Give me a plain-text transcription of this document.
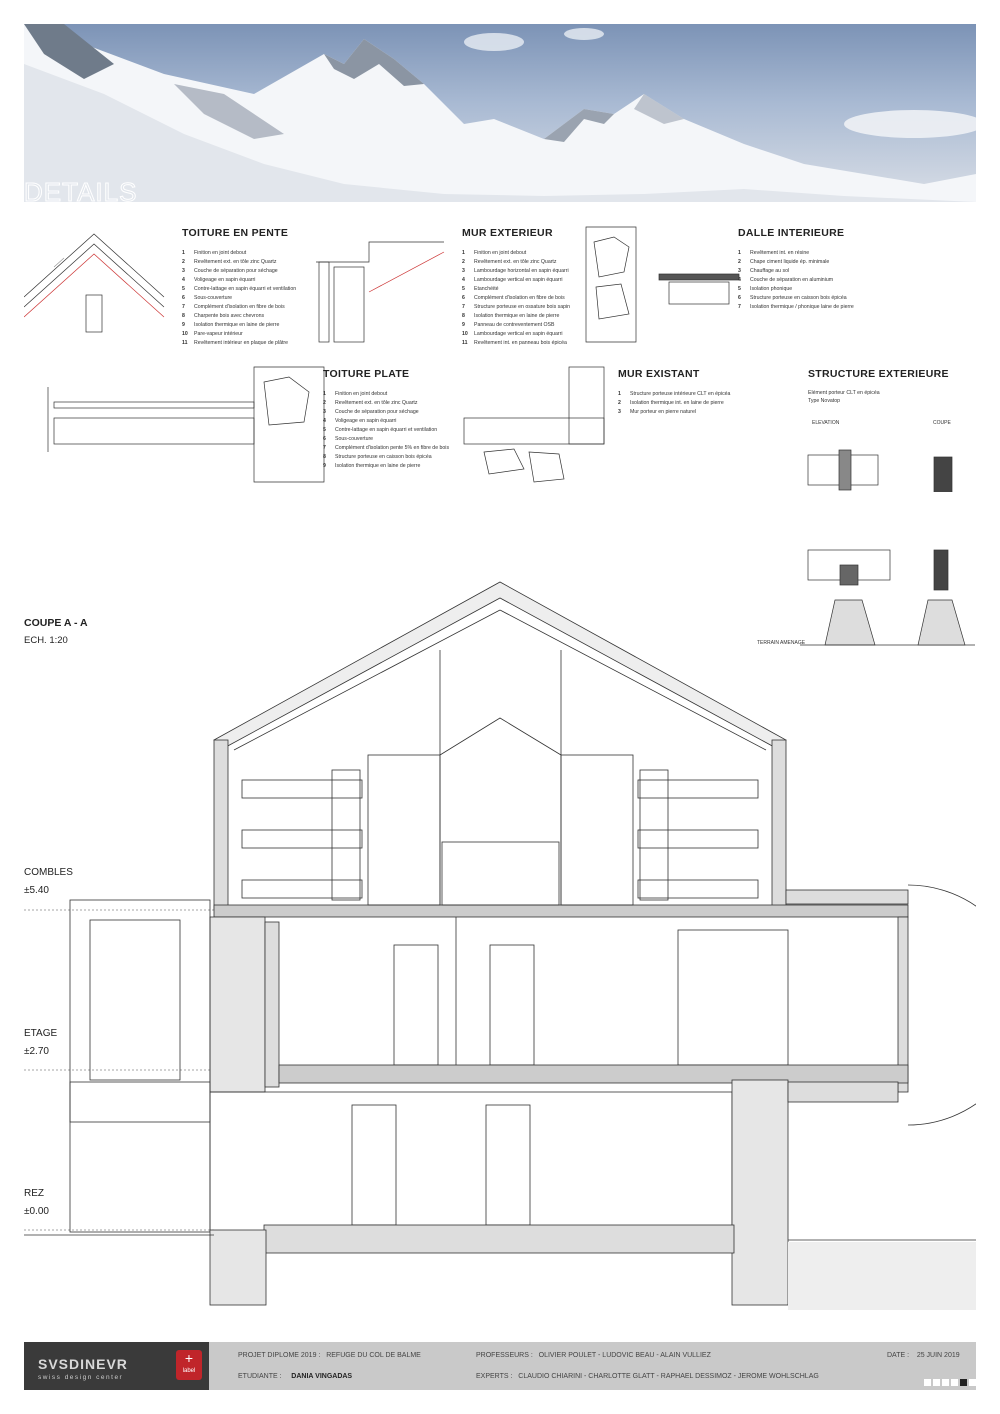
DETAILS
TOITURE EN PENTE
1	Finition en joint debout
2	Revêtement ext. en tôle zinc Quartz
3	Couche de séparation pour séchage
4	Voligeage en sapin équarri
5	Contre-lattage en sapin équarri et ventilation
6	Sous-couverture
7	Complément d'isolation en fibre de bois
8	Charpente bois avec chevrons
9	Isolation thermique en laine de pierre
10	Pare-vapeur intérieur
11	Revêtement intérieur en plaque de plâtre
MUR EXTERIEUR
1	Finition en joint debout
2	Revêtement ext. en tôle zinc Quartz
3	Lambourdage horizontal en sapin équarri
4	Lambourdage vertical en sapin équarri
5	Etanchéité
6	Complément d'isolation en fibre de bois
7	Structure porteuse en ossature bois sapin
8	Isolation thermique en laine de pierre
9	Panneau de contreventement OSB
10	Lambourdage vertical en sapin équarri
11	Revêtement int. en panneau bois épicéa
DALLE INTERIEURE
1	Revêtement int. en résine
2	Chape ciment liquide ép. minimale
3	Chauffage au sol
4	Couche de séparation en aluminium
5	Isolation phonique
6	Structure porteuse en caisson bois épicéa
7	Isolation thermique / phonique laine de pierre
TOITURE PLATE
1	Finition en joint debout
2	Revêtement ext. en tôle zinc Quartz
3	Couche de séparation pour séchage
4	Voligeage en sapin équarri
5	Contre-lattage en sapin équarri et ventilation
6	Sous-couverture
7	Complément d'isolation pente 5% en fibre de bois
8	Structure porteuse en caisson bois épicéa
9	Isolation thermique en laine de pierre
MUR EXISTANT
1	Structure porteuse intérieure CLT en épicéa
2	Isolation thermique int. en laine de pierre
3	Mur porteur en pierre naturel
STRUCTURE EXTERIEURE
Elément porteur CLT en épicéa
Type Novatop
ELEVATION	COUPE
TERRAIN AMENAGE
COUPE A - A
ECH. 1:20
COMBLES
±5.40
ETAGE
±2.70
REZ
±0.00
SVSDINEVR
swiss design center
+
label
PROJET DIPLOME 2019 : REFUGE DU COL DE BALME
ETUDIANTE : DANIA VINGADAS
PROFESSEURS : OLIVIER POULET - LUDOVIC BEAU - ALAIN VULLIEZ
EXPERTS : CLAUDIO CHIARINI - CHARLOTTE GLATT - RAPHAEL DESSIMOZ - JEROME WOHLSCHLAG
DATE : 25 JUIN 2019
